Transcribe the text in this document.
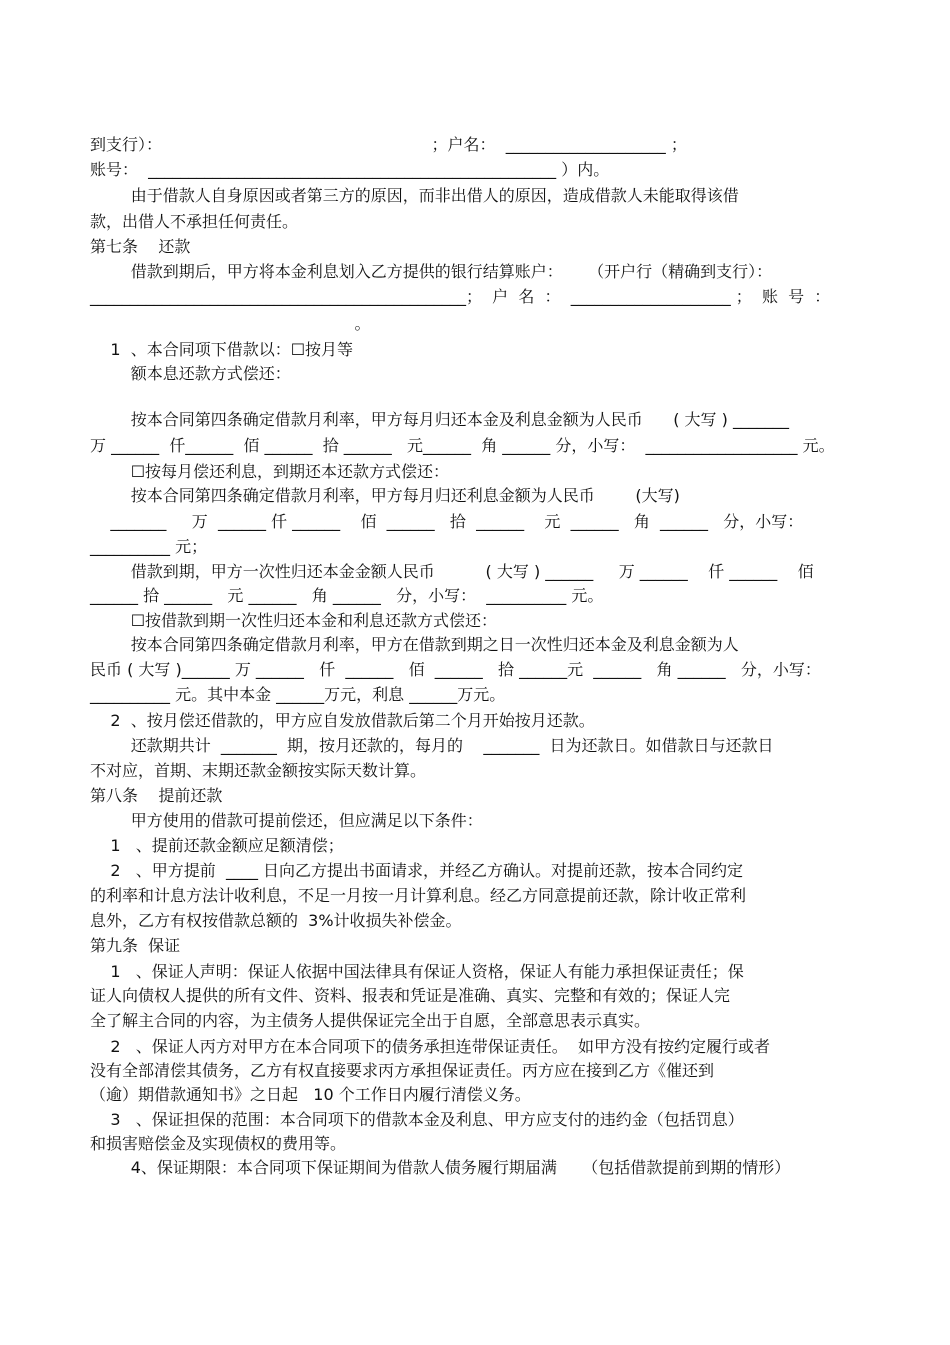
到支行）：                                                     ；户名：  ____________________ ；
账号：  ___________________________________________________ ）内。
由于借款人自身原因或者第三方的原因，而非出借人的原因，造成借款人未能取得该借
款，出借人不承担任何责任。
第七条    还款
借款到期后，甲方将本金利息划入乙方提供的银行结算账户：     （开户行（精确到支行）：
_______________________________________________；  户  名  ：  ____________________ ；  账  号  ：
。
1  、本合同项下借款以：☐按月等
额本息还款方式偿还：
按本合同第四条确定借款月利率，甲方每月归还本金及利息金额为人民币      ( 大写 ) _______
万 ______  仟______  佰 ______  拾 ______   元______  角 ______ 分，小写：  ___________________ 元。
☐按每月偿还利息，到期还本还款方式偿还：
按本合同第四条确定借款月利率，甲方每月归还利息金额为人民币        (大写)
_______     万  ______ 仟 ______    佰  ______   拾  ______    元  ______   角  ______   分，小写：
__________ 元；
借款到期，甲方一次性归还本金金额人民币          ( 大写 ) ______     万 ______    仟 ______    佰
______ 拾 ______   元 ______   角 ______   分，小写：  __________ 元。
☐按借款到期一次性归还本金和利息还款方式偿还：
按本合同第四条确定借款月利率，甲方在借款到期之日一次性归还本金及利息金额为人
民币 ( 大写 )______ 万 ______   仟  ______   佰  ______   拾 ______元  ______   角 ______   分，小写：
__________ 元。其中本金 ______万元，利息 ______万元。
2  、按月偿还借款的，甲方应自发放借款后第二个月开始按月还款。
还款期共计  _______  期，按月还款的，每月的    _______  日为还款日。如借款日与还款日
不对应，首期、末期还款金额按实际天数计算。
第八条    提前还款
甲方使用的借款可提前偿还，但应满足以下条件：
1   、提前还款金额应足额清偿；
2   、甲方提前  ____ 日向乙方提出书面请求，并经乙方确认。对提前还款，按本合同约定
的利率和计息方法计收利息，不足一月按一月计算利息。经乙方同意提前还款，除计收正常利
息外，乙方有权按借款总额的  3%计收损失补偿金。
第九条  保证
1   、保证人声明：保证人依据中国法律具有保证人资格，保证人有能力承担保证责任；保
证人向债权人提供的所有文件、资料、报表和凭证是准确、真实、完整和有效的；保证人完
全了解主合同的内容，为主债务人提供保证完全出于自愿，全部意思表示真实。
2   、保证人丙方对甲方在本合同项下的债务承担连带保证责任。  如甲方没有按约定履行或者
没有全部清偿其债务，乙方有权直接要求丙方承担保证责任。丙方应在接到乙方《催还到
（逾）期借款通知书》之日起   10 个工作日内履行清偿义务。
3   、保证担保的范围：本合同项下的借款本金及利息、甲方应支付的违约金（包括罚息）
和损害赔偿金及实现债权的费用等。
4、保证期限：本合同项下保证期间为借款人债务履行期届满     （包括借款提前到期的情形）
